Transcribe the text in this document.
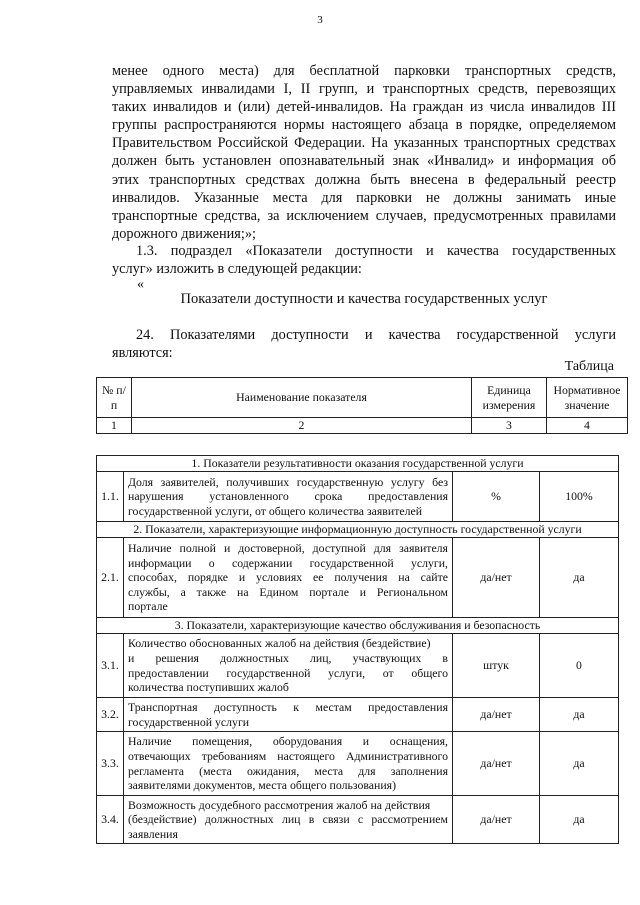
3
менее одного места) для бесплатной парковки транспортных средств,
управляемых инвалидами I, II групп, и транспортных средств, перевозящих
таких инвалидов и (или) детей-инвалидов. На граждан из числа инвалидов III
группы распространяются нормы настоящего абзаца в порядке, определяемом
Правительством Российской Федерации. На указанных транспортных средствах
должен быть установлен опознавательный знак «Инвалид» и информация об
этих транспортных средствах должна быть внесена в федеральный реестр
инвалидов. Указанные места для парковки не должны занимать иные
транспортные средства, за исключением случаев, предусмотренных правилами
дорожного движения;»;
1.3. подраздел «Показатели доступности и качества государственных
услуг» изложить в следующей редакции:
«
Показатели доступности и качества государственных услуг
24. Показателями доступности и качества государственной услуги
являются:
Таблица
№ п/п	Наименование показателя	Единица измерения	Нормативное значение
1	2	3	4
1. Показатели результативности оказания государственной услуги			
1.1.	Доля заявителей, получивших государственную услугу без
нарушения установленного срока предоставления
государственной услуги, от общего количества заявителей	%	100%
2. Показатели, характеризующие информационную доступность государственной услуги			
2.1.	Наличие полной и достоверной, доступной для заявителя
информации о содержании государственной услуги,
способах, порядке и условиях ее получения на сайте
службы, а также на Едином портале и Региональном
портале	да/нет	да
3. Показатели, характеризующие качество обслуживания и безопасность			
3.1.	Количество обоснованных жалоб на действия (бездействие)
и решения должностных лиц, участвующих в
предоставлении государственной услуги, от общего
количества поступивших жалоб	штук	0
3.2.	Транспортная доступность к местам предоставления
государственной услуги	да/нет	да
3.3.	Наличие помещения, оборудования и оснащения,
отвечающих требованиям настоящего Административного
регламента (места ожидания, места для заполнения
заявителями документов, места общего пользования)	да/нет	да
3.4.	Возможность досудебного рассмотрения жалоб на действия
(бездействие) должностных лиц в связи с рассмотрением
заявления	да/нет	да
